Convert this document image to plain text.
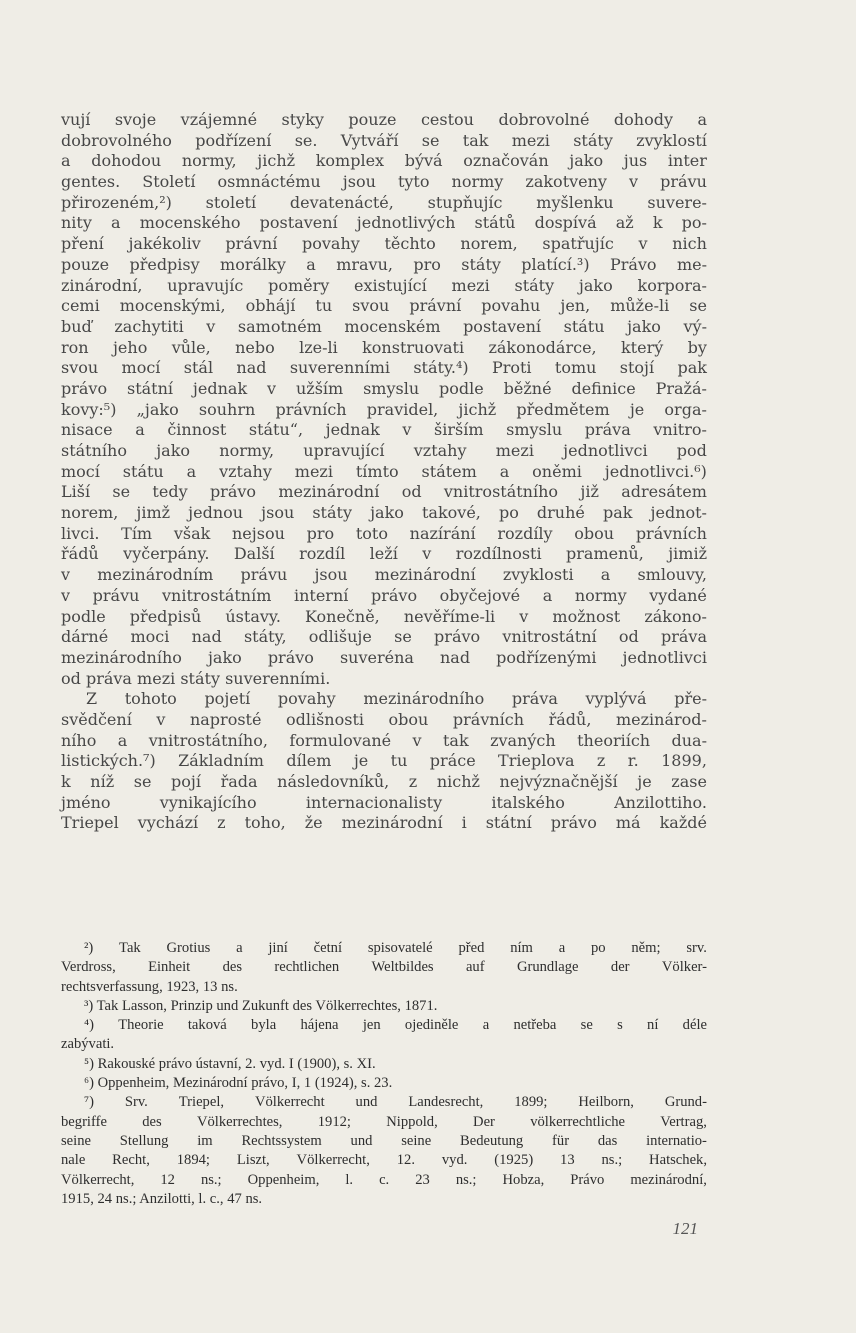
vují svoje vzájemné styky pouze cestou dobrovolné dohody a
dobrovolného podřízení se. Vytváří se tak mezi státy zvyklostí
a dohodou normy, jichž komplex bývá označován jako jus inter
gentes. Století osmnáctému jsou tyto normy zakotveny v právu
přirozeném,²) století devatenácté, stupňujíc myšlenku suvere-
nity a mocenského postavení jednotlivých států dospívá až k po-
pření jakékoliv právní povahy těchto norem, spatřujíc v nich
pouze předpisy morálky a mravu, pro státy platící.³) Právo me-
zinárodní, upravujíc poměry existující mezi státy jako korpora-
cemi mocenskými, obhájí tu svou právní povahu jen, může-li se
buď zachytiti v samotném mocenském postavení státu jako vý-
ron jeho vůle, nebo lze-li konstruovati zákonodárce, který by
svou mocí stál nad suverenními státy.⁴) Proti tomu stojí pak
právo státní jednak v užším smyslu podle běžné definice Pražá-
kovy:⁵) „jako souhrn právních pravidel, jichž předmětem je orga-
nisace a činnost státu“, jednak v širším smyslu práva vnitro-
státního jako normy, upravující vztahy mezi jednotlivci pod
mocí státu a vztahy mezi tímto státem a oněmi jednotlivci.⁶)
Liší se tedy právo mezinárodní od vnitrostátního již adresátem
norem, jimž jednou jsou státy jako takové, po druhé pak jednot-
livci. Tím však nejsou pro toto nazírání rozdíly obou právních
řádů vyčerpány. Další rozdíl leží v rozdílnosti pramenů, jimiž
v mezinárodním právu jsou mezinárodní zvyklosti a smlouvy,
v právu vnitrostátním interní právo obyčejové a normy vydané
podle předpisů ústavy. Konečně, nevěříme-li v možnost zákono-
dárné moci nad státy, odlišuje se právo vnitrostátní od práva
mezinárodního jako právo suveréna nad podřízenými jednotlivci
od práva mezi státy suverenními.
Z tohoto pojetí povahy mezinárodního práva vyplývá pře-
svědčení v naprosté odlišnosti obou právních řádů, mezinárod-
ního a vnitrostátního, formulované v tak zvaných theoriích dua-
listických.⁷) Základním dílem je tu práce Trieplova z r. 1899,
k níž se pojí řada následovníků, z nichž nejvýznačnější je zase
jméno	vynikajícího	internacionalisty	italského	Anzilottiho.
Triepel vychází z toho, že mezinárodní i státní právo má každé
²) Tak Grotius a jiní četní spisovatelé před ním a po něm; srv.
Verdross, Einheit des rechtlichen Weltbildes auf Grundlage der Völker-
rechtsverfassung, 1923, 13 ns.
³) Tak Lasson, Prinzip und Zukunft des Völkerrechtes, 1871.
⁴) Theorie taková byla hájena jen ojediněle a netřeba se s ní déle
zabývati.
⁵) Rakouské právo ústavní, 2. vyd. I (1900), s. XI.
⁶) Oppenheim, Mezinárodní právo, I, 1 (1924), s. 23.
⁷) Srv. Triepel, Völkerrecht und Landesrecht, 1899; Heilborn, Grund-
begriffe des Völkerrechtes, 1912; Nippold, Der völkerrechtliche Vertrag,
seine Stellung im Rechtssystem und seine Bedeutung für das internatio-
nale Recht, 1894; Liszt, Völkerrecht, 12. vyd. (1925) 13 ns.; Hatschek,
Völkerrecht, 12 ns.; Oppenheim, l. c. 23 ns.; Hobza, Právo mezinárodní,
1915, 24 ns.; Anzilotti, l. c., 47 ns.
121
